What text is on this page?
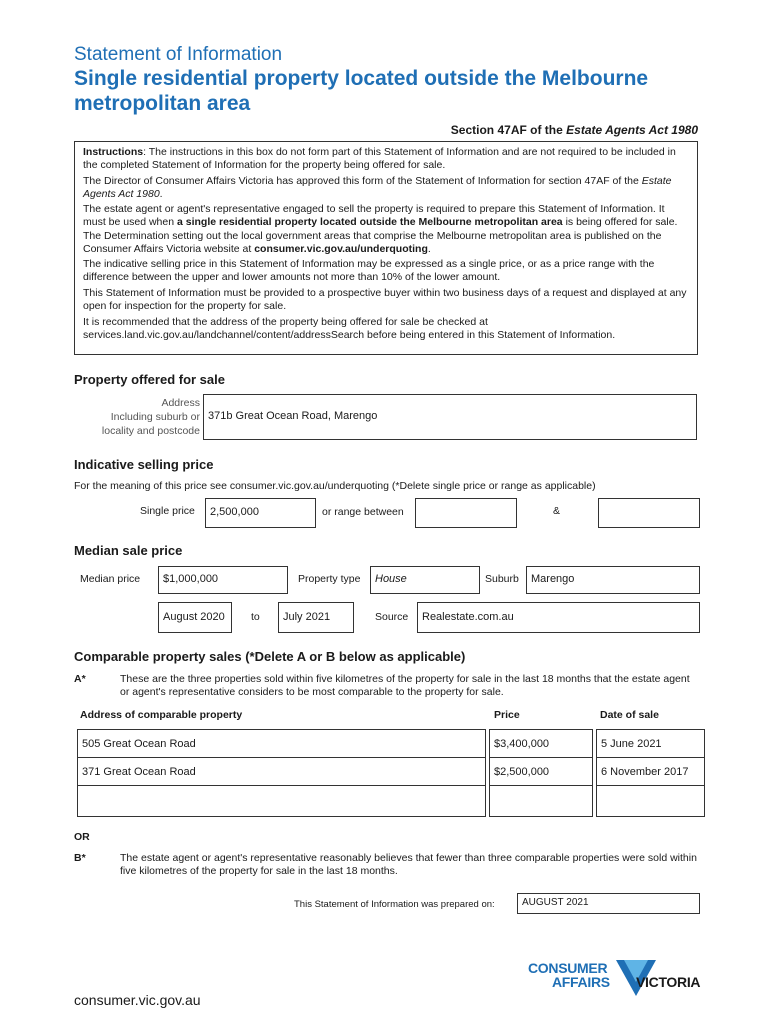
Statement of Information
Single residential property located outside the Melbourne metropolitan area
Section 47AF of the Estate Agents Act 1980

Instructions: The instructions in this box do not form part of this Statement of Information and are not required to be included in the completed Statement of Information for the property being offered for sale.

The Director of Consumer Affairs Victoria has approved this form of the Statement of Information for section 47AF of the Estate Agents Act 1980.

The estate agent or agent's representative engaged to sell the property is required to prepare this Statement of Information. It must be used when a single residential property located outside the Melbourne metropolitan area is being offered for sale. The Determination setting out the local government areas that comprise the Melbourne metropolitan area is published on the Consumer Affairs Victoria website at consumer.vic.gov.au/underquoting.

The indicative selling price in this Statement of Information may be expressed as a single price, or as a price range with the difference between the upper and lower amounts not more than 10% of the lower amount.

This Statement of Information must be provided to a prospective buyer within two business days of a request and displayed at any open for inspection for the property for sale.

It is recommended that the address of the property being offered for sale be checked at services.land.vic.gov.au/landchannel/content/addressSearch before being entered in this Statement of Information.

Property offered for sale
Address
Including suburb or
locality and postcode
371b Great Ocean Road, Marengo
Indicative selling price
For the meaning of this price see consumer.vic.gov.au/underquoting (*Delete single price or range as applicable)
Single price	2,500,000	or range between	&
Median sale price
Median price	$1,000,000	Property type	House	Suburb	Marengo
August 2020	to	July 2021	Source	Realestate.com.au
Comparable property sales (*Delete A or B below as applicable)
A*	These are the three properties sold within five kilometres of the property for sale in the last 18 months that the estate agent or agent's representative considers to be most comparable to the property for sale.
Address of comparable property	Price	Date of sale
505 Great Ocean Road	$3,400,000	5 June 2021
371 Great Ocean Road	$2,500,000	6 November 2017
OR
B*	The estate agent or agent's representative reasonably believes that fewer than three comparable properties were sold within five kilometres of the property for sale in the last 18 months.
This Statement of Information was prepared on:	AUGUST 2021
CONSUMER
AFFAIRS VICTORIA
consumer.vic.gov.au
